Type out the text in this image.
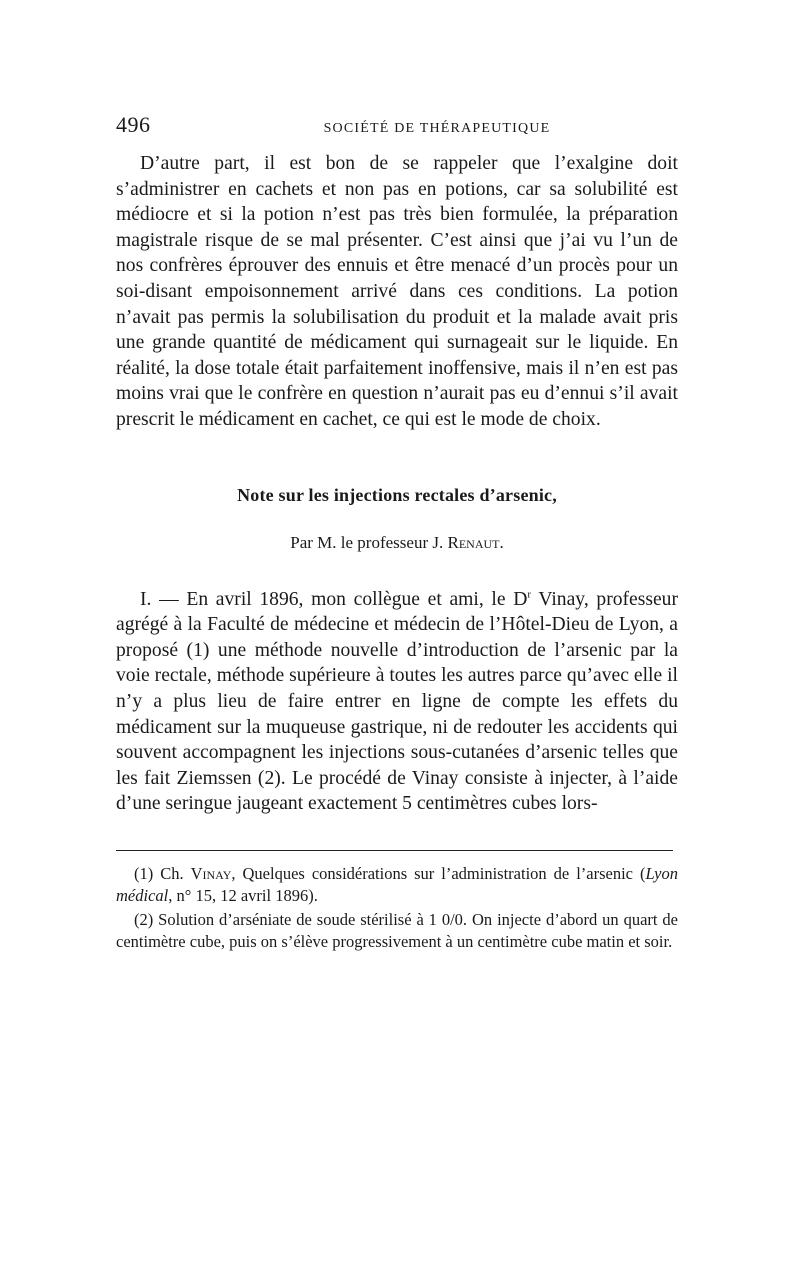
496	SOCIÉTÉ DE THÉRAPEUTIQUE

D’autre part, il est bon de se rappeler que l’exalgine doit s’administrer en cachets et non pas en potions, car sa solubilité est médiocre et si la potion n’est pas très bien formulée, la préparation magistrale risque de se mal présenter. C’est ainsi que j’ai vu l’un de nos confrères éprouver des ennuis et être menacé d’un procès pour un soi-disant empoisonnement arrivé dans ces conditions. La potion n’avait pas permis la solubilisation du produit et la malade avait pris une grande quantité de médicament qui surnageait sur le liquide. En réalité, la dose totale était parfaitement inoffensive, mais il n’en est pas moins vrai que le confrère en question n’aurait pas eu d’ennui s’il avait prescrit le médicament en cachet, ce qui est le mode de choix.

Note sur les injections rectales d’arsenic,
Par M. le professeur J. Renaut.

I. — En avril 1896, mon collègue et ami, le $D^r$ Vinay, professeur agrégé à la Faculté de médecine et médecin de l’Hôtel-Dieu de Lyon, a proposé (1) une méthode nouvelle d’introduction de l’arsenic par la voie rectale, méthode supérieure à toutes les autres parce qu’avec elle il n’y a plus lieu de faire entrer en ligne de compte les effets du médicament sur la muqueuse gastrique, ni de redouter les accidents qui souvent accompagnent les injections sous-cutanées d’arsenic telles que les fait Ziemssen (2). Le procédé de Vinay consiste à injecter, à l’aide d’une seringue jaugeant exactement 5 centimètres cubes lors-

(1) Ch. Vinay, Quelques considérations sur l’administration de l’arsenic (Lyon médical, n° 15, 12 avril 1896).

(2) Solution d’arséniate de soude stérilisé à 1 0/0. On injecte d’abord un quart de centimètre cube, puis on s’élève progressivement à un centimètre cube matin et soir.
